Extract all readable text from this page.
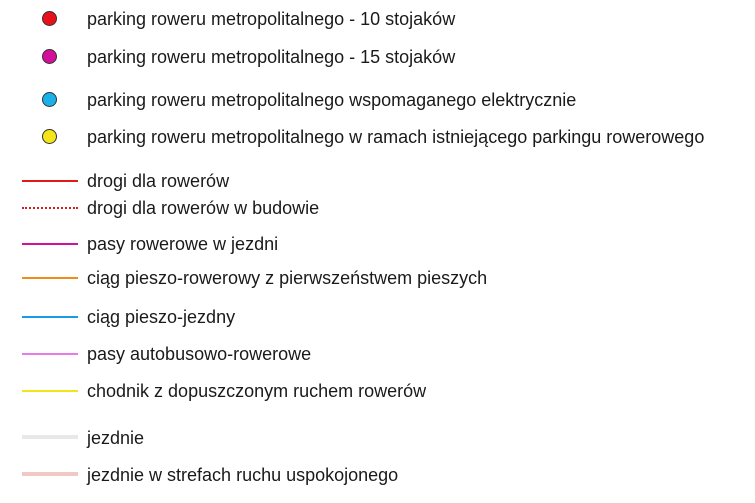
parking roweru metropolitalnego - 10 stojaków
parking roweru metropolitalnego - 15 stojaków
parking roweru metropolitalnego wspomaganego elektrycznie
parking roweru metropolitalnego w ramach istniejącego parkingu rowerowego
drogi dla rowerów
drogi dla rowerów w budowie
pasy rowerowe w jezdni
ciąg pieszo-rowerowy z pierwszeństwem pieszych
ciąg pieszo-jezdny
pasy autobusowo-rowerowe
chodnik z dopuszczonym ruchem rowerów
jezdnie
jezdnie w strefach ruchu uspokojonego
